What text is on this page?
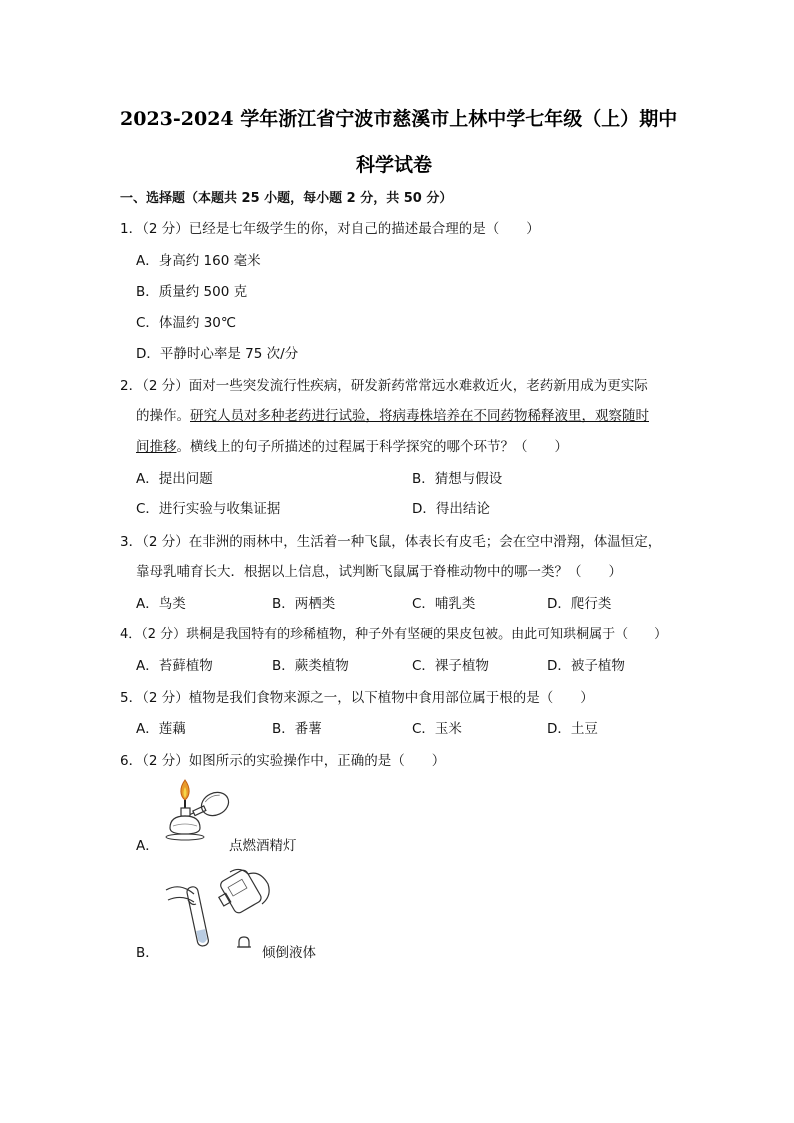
2023-2024 学年浙江省宁波市慈溪市上林中学七年级（上）期中
科学试卷
一、选择题（本题共 25 小题，每小题 2 分，共 50 分）
1．（2 分）已经是七年级学生的你，对自己的描述最合理的是（　　）
A．身高约 160 毫米
B．质量约 500 克
C．体温约 30℃
D．平静时心率是 75 次/分
2．（2 分）面对一些突发流行性疾病，研发新药常常远水难救近火，老药新用成为更实际
的操作。研究人员对多种老药进行试验，将病毒株培养在不同药物稀释液里，观察随时
间推移。横线上的句子所描述的过程属于科学探究的哪个环节？（　　）
A．提出问题	B．猜想与假设
C．进行实验与收集证据	D．得出结论
3．（2 分）在非洲的雨林中，生活着一种飞鼠，体表长有皮毛；会在空中滑翔，体温恒定，
靠母乳哺育长大．根据以上信息，试判断飞鼠属于脊椎动物中的哪一类？（　　）
A．鸟类	B．两栖类	C．哺乳类	D．爬行类
4．（2 分）珙桐是我国特有的珍稀植物，种子外有坚硬的果皮包被。由此可知珙桐属于（　　）
A．苔藓植物	B．蕨类植物	C．裸子植物	D．被子植物
5．（2 分）植物是我们食物来源之一，以下植物中食用部位属于根的是（　　）
A．莲藕	B．番薯	C．玉米	D．土豆
6．（2 分）如图所示的实验操作中，正确的是（　　）
A．	点燃酒精灯
B．	倾倒液体
